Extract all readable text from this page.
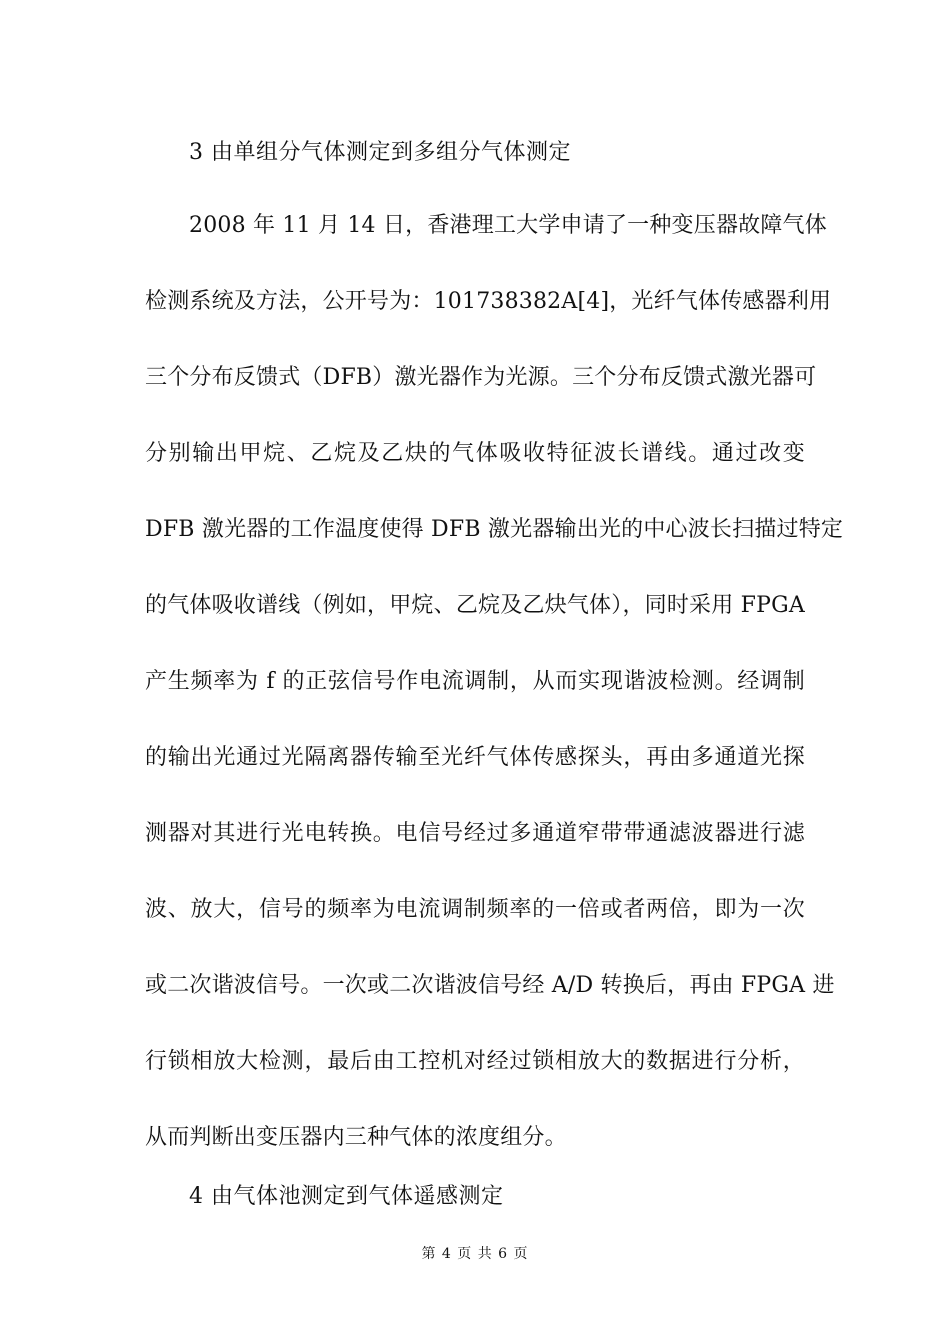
3 由单组分气体测定到多组分气体测定
2008 年 11 月 14 日，香港理工大学申请了一种变压器故障气体
检测系统及方法，公开号为：101738382A[4]，光纤气体传感器利用
三个分布反馈式（DFB）激光器作为光源。三个分布反馈式激光器可
分别输出甲烷、乙烷及乙炔的气体吸收特征波长谱线。通过改变
DFB 激光器的工作温度使得 DFB 激光器输出光的中心波长扫描过特定
的气体吸收谱线（例如，甲烷、乙烷及乙炔气体），同时采用 FPGA
产生频率为 f 的正弦信号作电流调制，从而实现谐波检测。经调制
的输出光通过光隔离器传输至光纤气体传感探头，再由多通道光探
测器对其进行光电转换。电信号经过多通道窄带带通滤波器进行滤
波、放大，信号的频率为电流调制频率的一倍或者两倍，即为一次
或二次谐波信号。一次或二次谐波信号经 A/D 转换后，再由 FPGA 进
行锁相放大检测，最后由工控机对经过锁相放大的数据进行分析，
从而判断出变压器内三种气体的浓度组分。
4 由气体池测定到气体遥感测定
第 4 页 共 6 页
